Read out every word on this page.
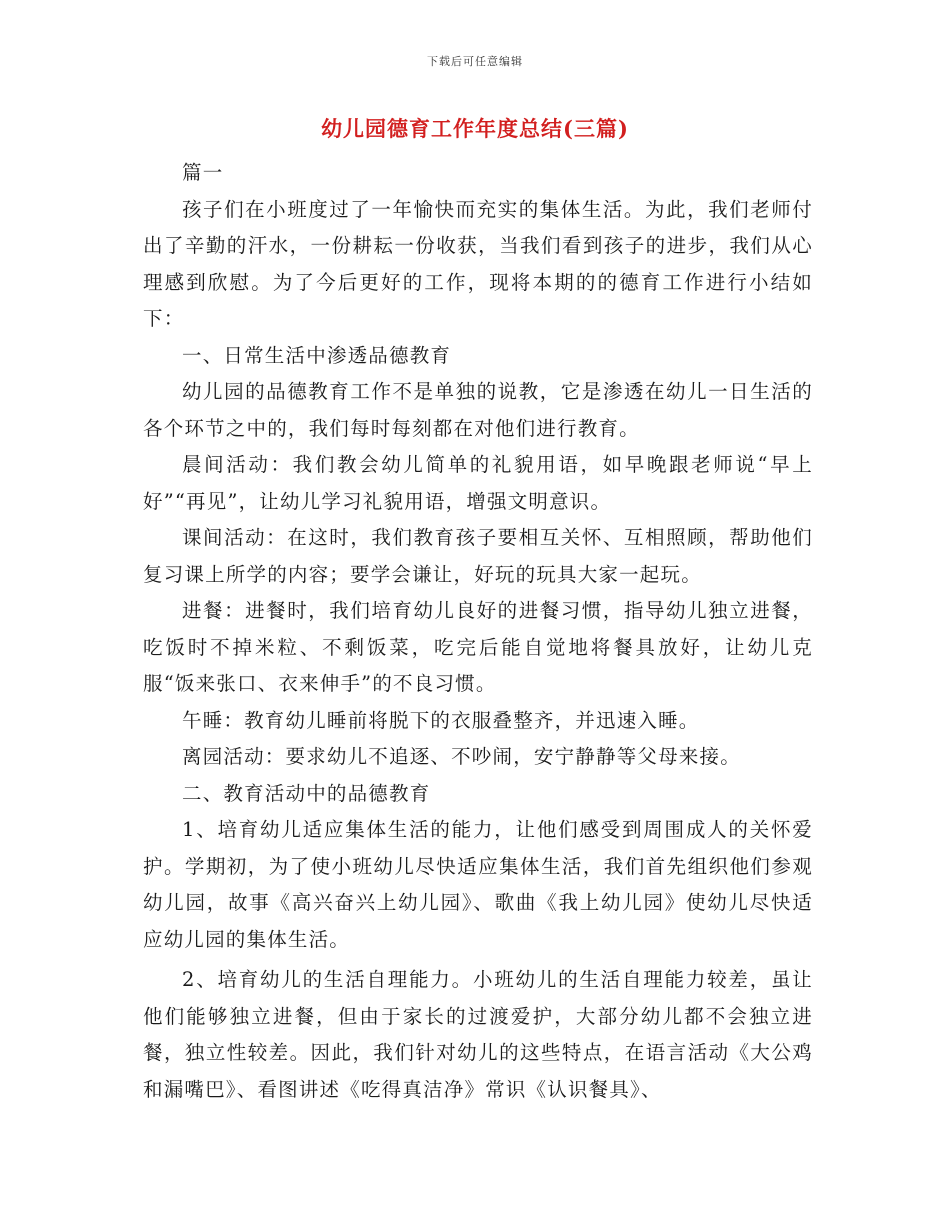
下载后可任意编辑
幼儿园德育工作年度总结(三篇)

篇一

孩子们在小班度过了一年愉快而充实的集体生活。为此，我们老师付出了辛勤的汗水，一份耕耘一份收获，当我们看到孩子的进步，我们从心理感到欣慰。为了今后更好的工作，现将本期的的德育工作进行小结如下：

一、日常生活中渗透品德教育

幼儿园的品德教育工作不是单独的说教，它是渗透在幼儿一日生活的各个环节之中的，我们每时每刻都在对他们进行教育。

晨间活动：我们教会幼儿简单的礼貌用语，如早晚跟老师说“早上好”“再见”，让幼儿学习礼貌用语，增强文明意识。

课间活动：在这时，我们教育孩子要相互关怀、互相照顾，帮助他们复习课上所学的内容；要学会谦让，好玩的玩具大家一起玩。

进餐：进餐时，我们培育幼儿良好的进餐习惯，指导幼儿独立进餐，吃饭时不掉米粒、不剩饭菜，吃完后能自觉地将餐具放好，让幼儿克服“饭来张口、衣来伸手”的不良习惯。

午睡：教育幼儿睡前将脱下的衣服叠整齐，并迅速入睡。

离园活动：要求幼儿不追逐、不吵闹，安宁静静等父母来接。

二、教育活动中的品德教育

1、培育幼儿适应集体生活的能力，让他们感受到周围成人的关怀爱护。学期初，为了使小班幼儿尽快适应集体生活，我们首先组织他们参观幼儿园，故事《高兴奋兴上幼儿园》、歌曲《我上幼儿园》使幼儿尽快适应幼儿园的集体生活。

2、培育幼儿的生活自理能力。小班幼儿的生活自理能力较差，虽让他们能够独立进餐，但由于家长的过渡爱护，大部分幼儿都不会独立进餐，独立性较差。因此，我们针对幼儿的这些特点，在语言活动《大公鸡和漏嘴巴》、看图讲述《吃得真洁净》常识《认识餐具》、
